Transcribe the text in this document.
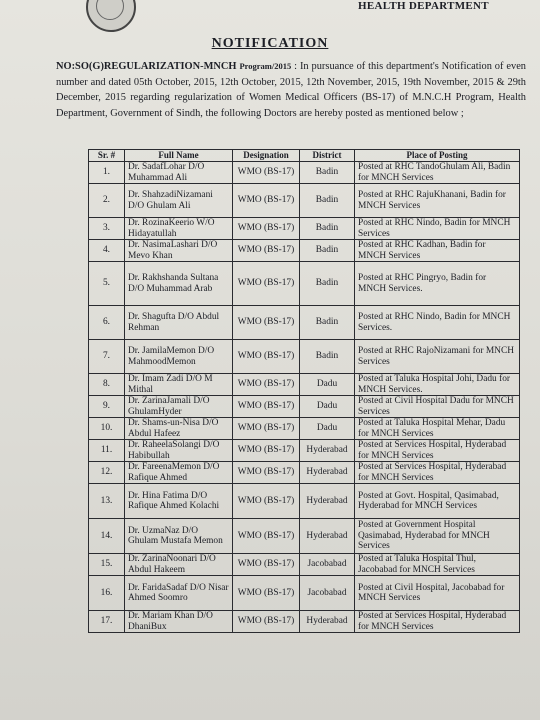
HEALTH DEPARTMENT
NOTIFICATION
NO:SO(G)REGULARIZATION-MNCH Program/2015 : In pursuance of this department's Notification of even number and dated 05th October, 2015, 12th October, 2015, 12th November, 2015, 19th November, 2015 & 29th December, 2015 regarding regularization of Women Medical Officers (BS-17) of M.N.C.H Program, Health Department, Government of Sindh, the following Doctors are hereby posted as mentioned below ;
Sr. #	Full Name	Designation	District	Place of Posting
1.	Dr. SadafLohar D/O Muhammad Ali	WMO (BS-17)	Badin	Posted at RHC TandoGhulam Ali, Badin for MNCH Services
2.	Dr. ShahzadiNizamani D/O Ghulam Ali	WMO (BS-17)	Badin	Posted at RHC RajuKhanani, Badin for MNCH Services
3.	Dr. RozinaKeerio W/O Hidayatullah	WMO (BS-17)	Badin	Posted at RHC Nindo, Badin for MNCH Services
4.	Dr. NasimaLashari D/O Mevo Khan	WMO (BS-17)	Badin	Posted at RHC Kadhan, Badin for MNCH Services
5.	Dr. Rakhshanda Sultana D/O Muhammad Arab	WMO (BS-17)	Badin	Posted at RHC Pingryo, Badin for MNCH Services.
6.	Dr. Shagufta D/O Abdul Rehman	WMO (BS-17)	Badin	Posted at RHC Nindo, Badin for MNCH Services.
7.	Dr. JamilaMemon D/O MahmoodMemon	WMO (BS-17)	Badin	Posted at RHC RajoNizamani for MNCH Services
8.	Dr. Imam Zadi D/O M Mithal	WMO (BS-17)	Dadu	Posted at Taluka Hospital Johi, Dadu for MNCH Services.
9.	Dr. ZarinaJamali D/O GhulamHyder	WMO (BS-17)	Dadu	Posted at Civil Hospital Dadu for MNCH Services
10.	Dr. Shams-un-Nisa D/O Abdul Hafeez	WMO (BS-17)	Dadu	Posted at Taluka Hospital Mehar, Dadu for MNCH Services
11.	Dr. RaheelaSolangi D/O Habibullah	WMO (BS-17)	Hyderabad	Posted at Services Hospital, Hyderabad for MNCH Services
12.	Dr. FareenaMemon D/O Rafique Ahmed	WMO (BS-17)	Hyderabad	Posted at Services Hospital, Hyderabad for MNCH Services
13.	Dr. Hina Fatima D/O Rafique Ahmed Kolachi	WMO (BS-17)	Hyderabad	Posted at Govt. Hospital, Qasimabad, Hyderabad for MNCH Services
14.	Dr. UzmaNaz D/O Ghulam Mustafa Memon	WMO (BS-17)	Hyderabad	Posted at Government Hospital Qasimabad, Hyderabad for MNCH Services
15.	Dr. ZarinaNoonari D/O Abdul Hakeem	WMO (BS-17)	Jacobabad	Posted at Taluka Hospital Thul, Jacobabad for MNCH Services
16.	Dr. FaridaSadaf D/O Nisar Ahmed Soomro	WMO (BS-17)	Jacobabad	Posted at Civil Hospital, Jacobabad for MNCH Services
17.	Dr. Mariam Khan D/O DhaniBux	WMO (BS-17)	Hyderabad	Posted at Services Hospital, Hyderabad for MNCH Services
